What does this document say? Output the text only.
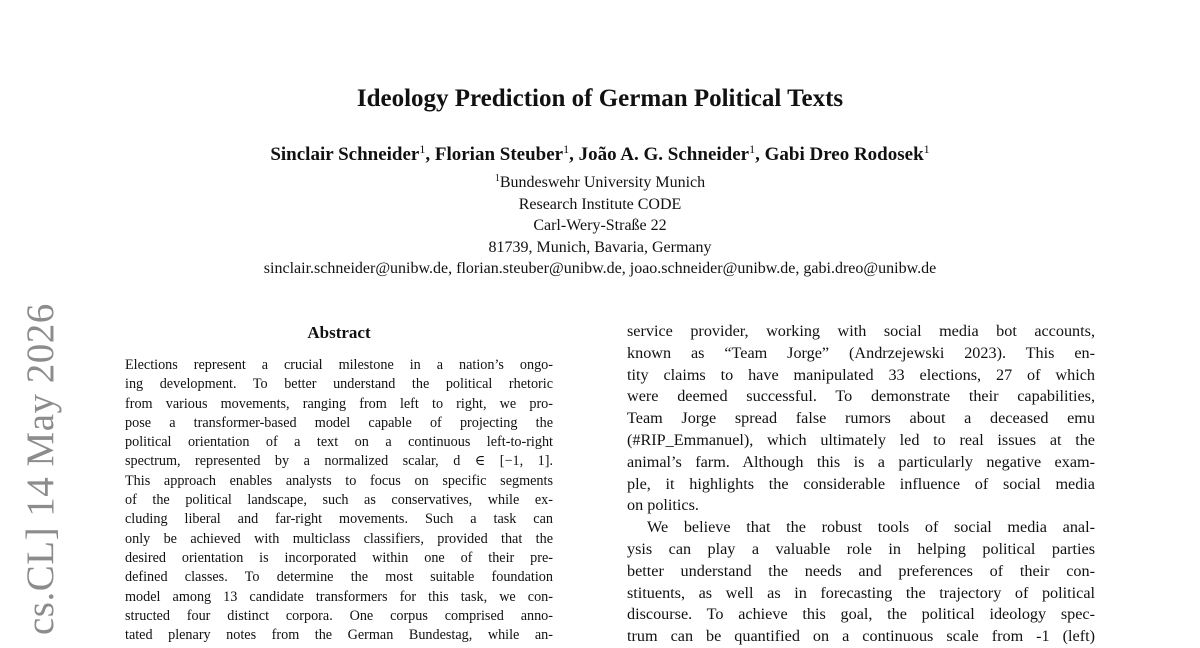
cs.CL] 14 May 2026
Ideology Prediction of German Political Texts
Sinclair Schneider$^1$, Florian Steuber$^1$, João A. G. Schneider$^1$, Gabi Dreo Rodosek$^1$
$^1$Bundeswehr University Munich
Research Institute CODE
Carl-Wery-Straße 22
81739, Munich, Bavaria, Germany
sinclair.schneider@unibw.de, florian.steuber@unibw.de, joao.schneider@unibw.de, gabi.dreo@unibw.de
Abstract
Elections represent a crucial milestone in a nation’s ongo-
ing development. To better understand the political rhetoric
from various movements, ranging from left to right, we pro-
pose a transformer-based model capable of projecting the
political orientation of a text on a continuous left-to-right
spectrum, represented by a normalized scalar, d ∈ [−1, 1].
This approach enables analysts to focus on specific segments
of the political landscape, such as conservatives, while ex-
cluding liberal and far-right movements. Such a task can
only be achieved with multiclass classifiers, provided that the
desired orientation is incorporated within one of their pre-
defined classes. To determine the most suitable foundation
model among 13 candidate transformers for this task, we con-
structed four distinct corpora. One corpus comprised anno-
tated plenary notes from the German Bundestag, while an-
service provider, working with social media bot accounts,
known as “Team Jorge” (Andrzejewski 2023). This en-
tity claims to have manipulated 33 elections, 27 of which
were deemed successful. To demonstrate their capabilities,
Team Jorge spread false rumors about a deceased emu
(#RIP_Emmanuel), which ultimately led to real issues at the
animal’s farm. Although this is a particularly negative exam-
ple, it highlights the considerable influence of social media
on politics.
We believe that the robust tools of social media anal-
ysis can play a valuable role in helping political parties
better understand the needs and preferences of their con-
stituents, as well as in forecasting the trajectory of political
discourse. To achieve this goal, the political ideology spec-
trum can be quantified on a continuous scale from -1 (left)
